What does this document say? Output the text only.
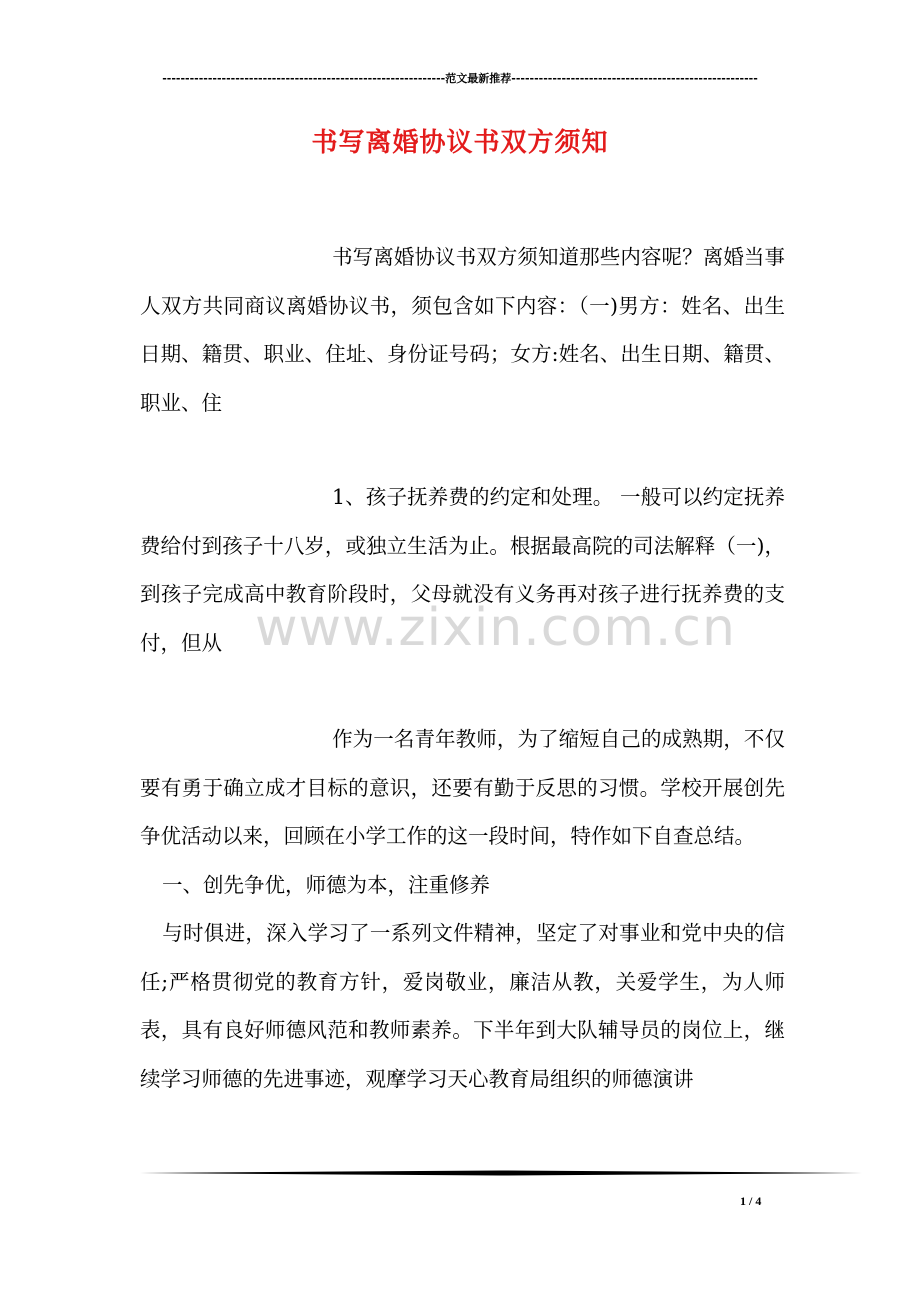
--------------------------------------------------------------范文最新推荐------------------------------------------------------
书写离婚协议书双方须知
书写离婚协议书双方须知道那些内容呢？离婚当事人双方共同商议离婚协议书，须包含如下内容：（一)男方：姓名、出生日期、籍贯、职业、住址、身份证号码；女方:姓名、出生日期、籍贯、职业、住
1、孩子抚养费的约定和处理。 一般可以约定抚养费给付到孩子十八岁，或独立生活为止。根据最高院的司法解释（一)，到孩子完成高中教育阶段时，父母就没有义务再对孩子进行抚养费的支付，但从
作为一名青年教师，为了缩短自己的成熟期，不仅要有勇于确立成才目标的意识，还要有勤于反思的习惯。学校开展创先争优活动以来，回顾在小学工作的这一段时间，特作如下自查总结。
一、创先争优，师德为本，注重修养
与时俱进，深入学习了一系列文件精神，坚定了对事业和党中央的信任;严格贯彻党的教育方针，爱岗敬业，廉洁从教，关爱学生，为人师表，具有良好师德风范和教师素养。下半年到大队辅导员的岗位上，继续学习师德的先进事迹，观摩学习天心教育局组织的师德演讲
www.zixin.com.cn
1 / 4
